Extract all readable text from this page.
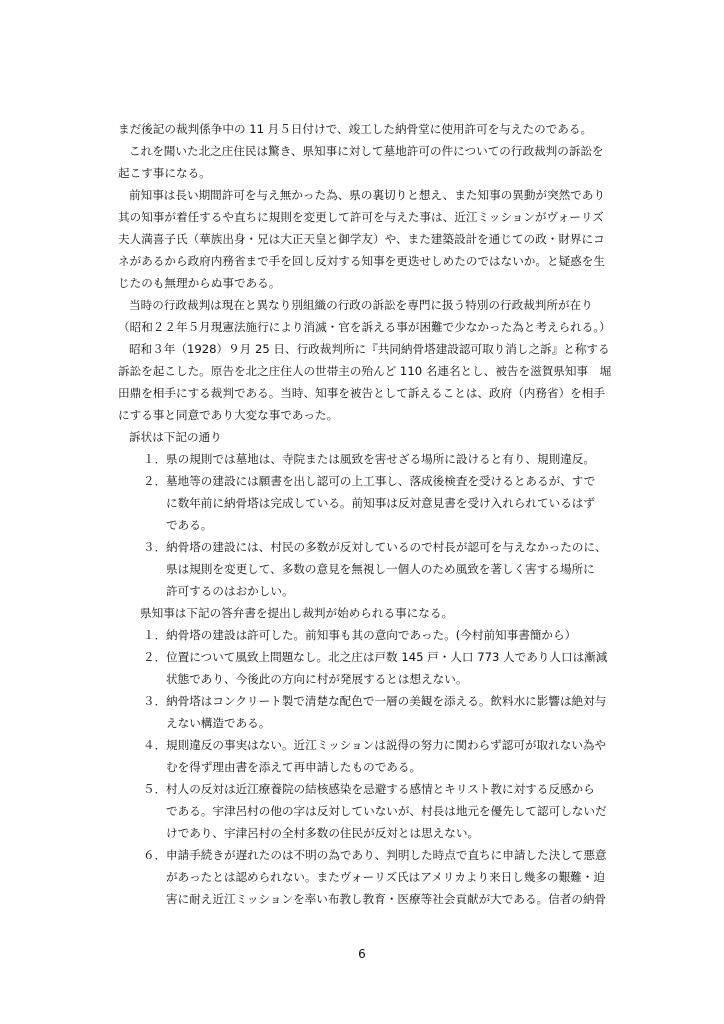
まだ後記の裁判係争中の 11 月５日付けで、竣工した納骨堂に使用許可を与えたのである。
これを聞いた北之庄住民は驚き、県知事に対して墓地許可の件についての行政裁判の訴訟を
起こす事になる。
前知事は長い期間許可を与え無かった為、県の裏切りと想え、また知事の異動が突然であり
其の知事が着任するや直ちに規則を変更して許可を与えた事は、近江ミッションがヴォーリズ
夫人満喜子氏（華族出身・兄は大正天皇と御学友）や、また建築設計を通じての政・財界にコ
ネがあるから政府内務省まで手を回し反対する知事を更迭せしめたのではないか。と疑惑を生
じたのも無理からぬ事である。
当時の行政裁判は現在と異なり別組織の行政の訴訟を専門に扱う特別の行政裁判所が在り
（昭和２２年５月現憲法施行により消滅・官を訴える事が困難で少なかった為と考えられる。）
昭和３年（1928）９月 25 日、行政裁判所に『共同納骨塔建設認可取り消し之訴』と称する
訴訟を起こした。原告を北之庄住人の世帯主の殆んど 110 名連名とし、被告を滋賀県知事　堀
田鼎を相手にする裁判である。当時、知事を被告として訴えることは、政府（内務省）を相手
にする事と同意であり大変な事であった。
訴状は下記の通り
１．県の規則では墓地は、寺院または風致を害せざる場所に設けると有り、規則違反。
２．墓地等の建設には願書を出し認可の上工事し、落成後検査を受けるとあるが、すで
に数年前に納骨塔は完成している。前知事は反対意見書を受け入れられているはず
である。
３．納骨塔の建設には、村民の多数が反対しているので村長が認可を与えなかったのに、
県は規則を変更して、多数の意見を無視し一個人のため風致を著しく害する場所に
許可するのはおかしい。
県知事は下記の答弁書を提出し裁判が始められる事になる。
１．納骨塔の建設は許可した。前知事も其の意向であった。(今村前知事書簡から）
２．位置について風致上問題なし。北之庄は戸数 145 戸・人口 773 人であり人口は漸減
状態であり、今後此の方向に村が発展するとは想えない。
３．納骨塔はコンクリート製で清楚な配色で一層の美観を添える。飲料水に影響は絶対与
えない構造である。
４．規則違反の事実はない。近江ミッションは説得の努力に関わらず認可が取れない為や
むを得ず理由書を添えて再申請したものである。
５．村人の反対は近江療養院の結核感染を忌避する感情とキリスト教に対する反感から
である。宇津呂村の他の字は反対していないが、村長は地元を優先して認可しないだ
けであり、宇津呂村の全村多数の住民が反対とは思えない。
６．申請手続きが遅れたのは不明の為であり、判明した時点で直ちに申請した決して悪意
があったとは認められない。またヴォーリズ氏はアメリカより来日し幾多の艱難・迫
害に耐え近江ミッションを率い布教し教育・医療等社会貢献が大である。信者の納骨
6
